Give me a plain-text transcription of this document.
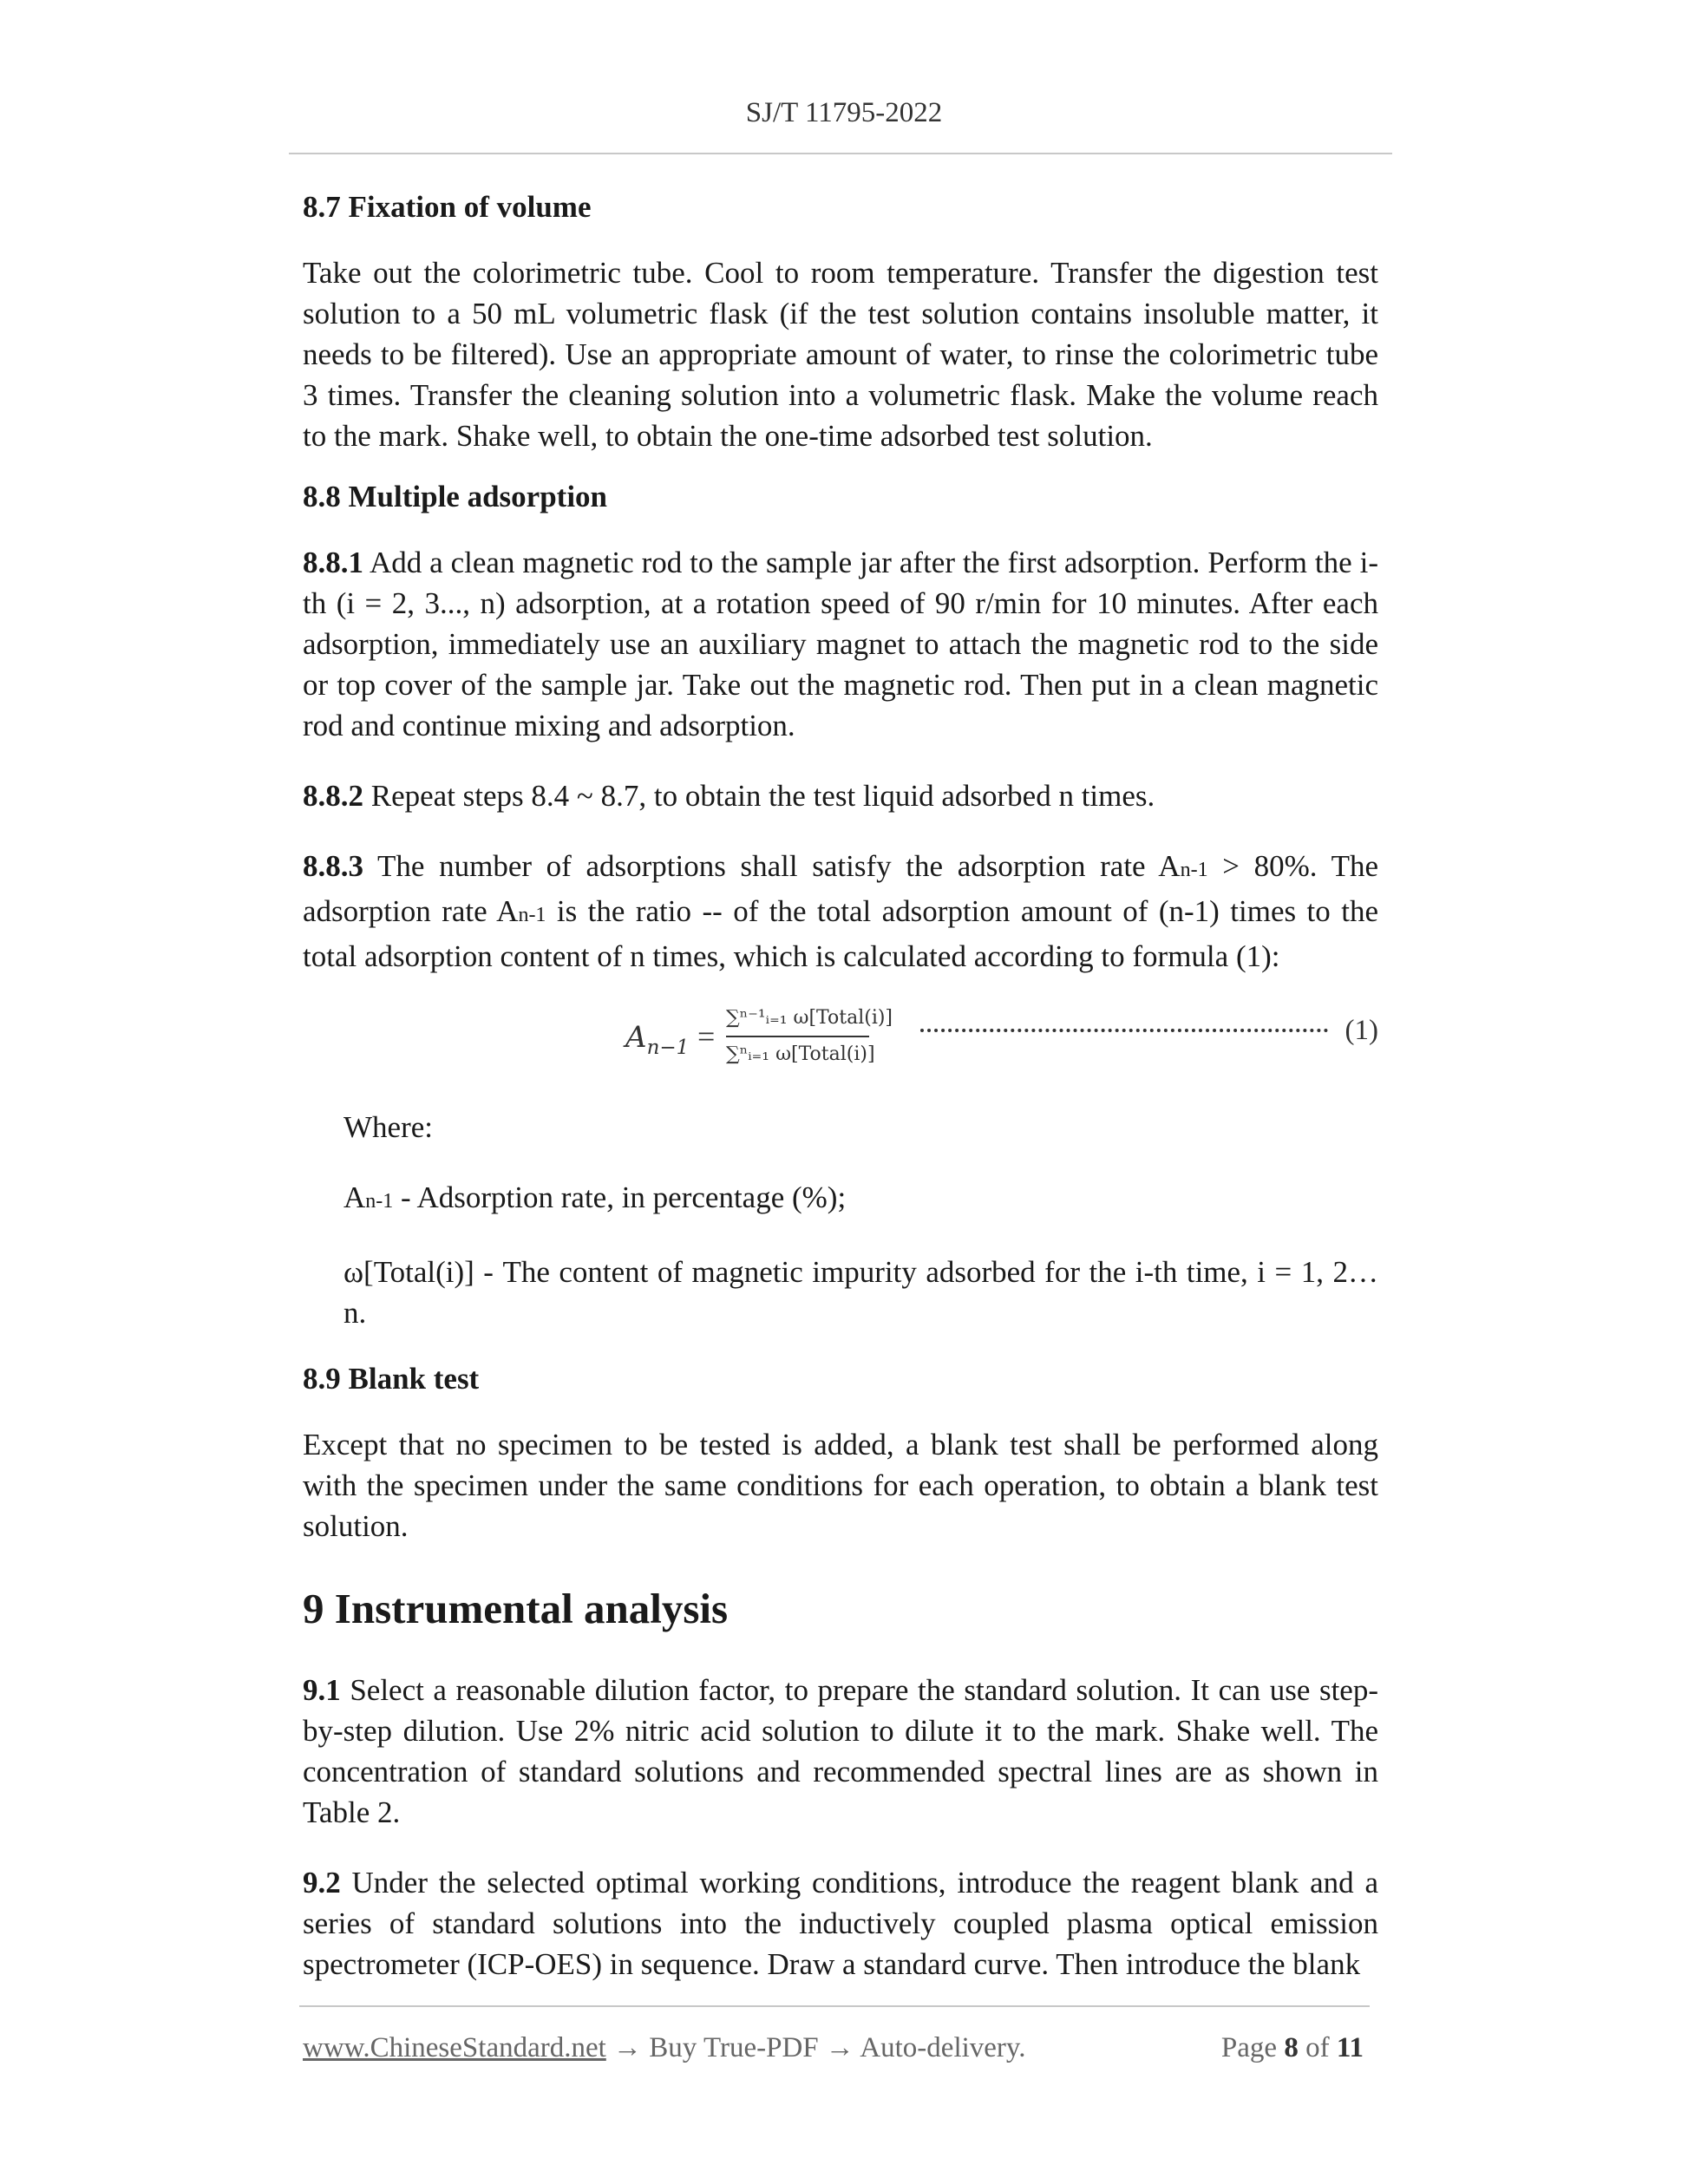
SJ/T 11795-2022

8.7 Fixation of volume

Take out the colorimetric tube. Cool to room temperature. Transfer the digestion test solution to a 50 mL volumetric flask (if the test solution contains insoluble matter, it needs to be filtered). Use an appropriate amount of water, to rinse the colorimetric tube 3 times. Transfer the cleaning solution into a volumetric flask. Make the volume reach to the mark. Shake well, to obtain the one-time adsorbed test solution.

8.8 Multiple adsorption

8.8.1 Add a clean magnetic rod to the sample jar after the first adsorption. Perform the i-th (i = 2, 3..., n) adsorption, at a rotation speed of 90 r/min for 10 minutes. After each adsorption, immediately use an auxiliary magnet to attach the magnetic rod to the side or top cover of the sample jar. Take out the magnetic rod. Then put in a clean magnetic rod and continue mixing and adsorption.

8.8.2 Repeat steps 8.4 ~ 8.7, to obtain the test liquid adsorbed n times.

8.8.3 The number of adsorptions shall satisfy the adsorption rate An-1 > 80%. The adsorption rate An-1 is the ratio -- of the total adsorption amount of (n-1) times to the total adsorption content of n times, which is calculated according to formula (1):

$A_{n-1}$ =
∑ⁿ⁻¹ᵢ₌₁ ω[Total(i)]
∑ⁿᵢ₌₁ ω[Total(i)]
(1)

Where:

An-1 - Adsorption rate, in percentage (%);

ω[Total(i)] - The content of magnetic impurity adsorbed for the i-th time, i = 1, 2…n.

8.9 Blank test

Except that no specimen to be tested is added, a blank test shall be performed along with the specimen under the same conditions for each operation, to obtain a blank test solution.

9 Instrumental analysis

9.1 Select a reasonable dilution factor, to prepare the standard solution. It can use step-by-step dilution. Use 2% nitric acid solution to dilute it to the mark. Shake well. The concentration of standard solutions and recommended spectral lines are as shown in Table 2.

9.2 Under the selected optimal working conditions, introduce the reagent blank and a series of standard solutions into the inductively coupled plasma optical emission spectrometer (ICP-OES) in sequence. Draw a standard curve. Then introduce the blank

www.ChineseStandard.net → Buy True-PDF → Auto-delivery.	Page 8 of 11
